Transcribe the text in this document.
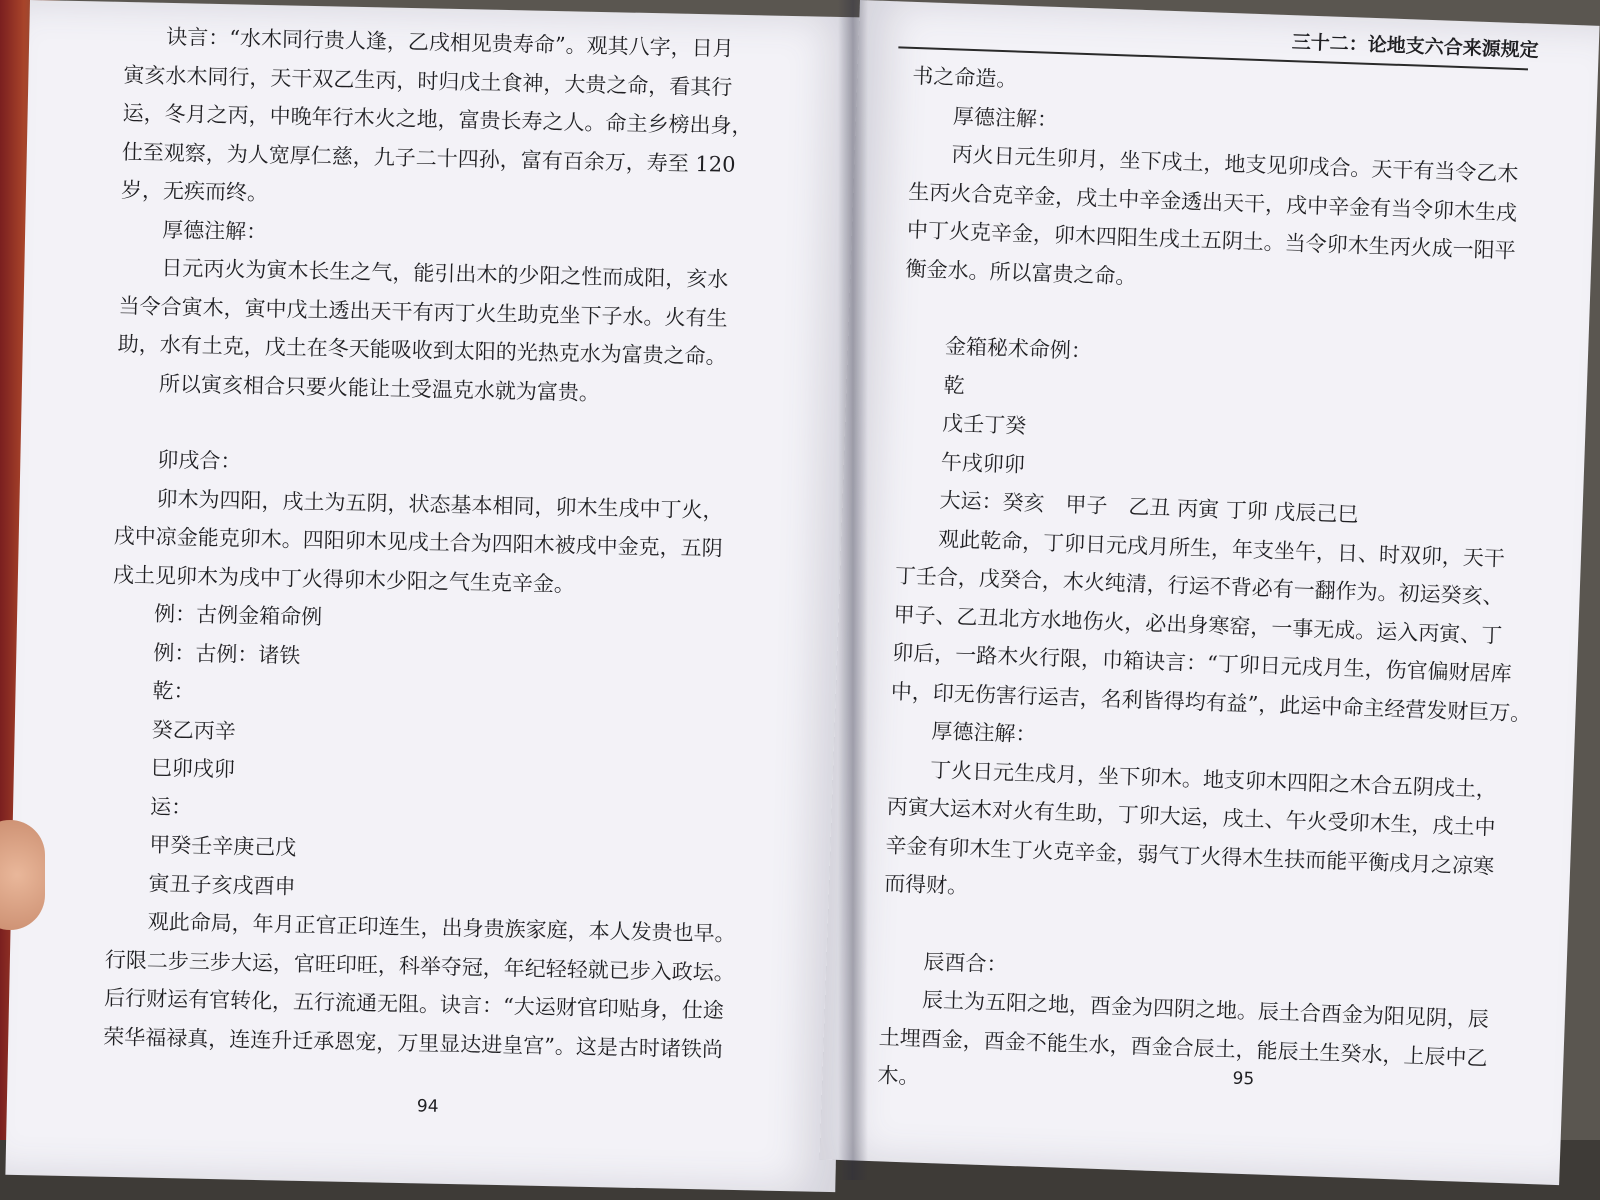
诀言：“水木同行贵人逢，乙戌相见贵寿命”。观其八字，日月

寅亥水木同行，天干双乙生丙，时归戊土食神，大贵之命，看其行

运，冬月之丙，中晚年行木火之地，富贵长寿之人。命主乡榜出身，

仕至观察，为人宽厚仁慈，九子二十四孙，富有百余万，寿至 120

岁，无疾而终。

厚德注解：

日元丙火为寅木长生之气，能引出木的少阳之性而成阳，亥水

当令合寅木，寅中戊土透出天干有丙丁火生助克坐下子水。火有生

助，水有土克，戊土在冬天能吸收到太阳的光热克水为富贵之命。

所以寅亥相合只要火能让土受温克水就为富贵。

卯戌合：

卯木为四阳，戌土为五阴，状态基本相同，卯木生戌中丁火，

戌中凉金能克卯木。四阳卯木见戌土合为四阳木被戌中金克，五阴

戌土见卯木为戌中丁火得卯木少阳之气生克辛金。

例：古例金箱命例

例：古例：诸铁

乾：

癸乙丙辛

巳卯戌卯

运：

甲癸壬辛庚己戊

寅丑子亥戌酉申

观此命局，年月正官正印连生，出身贵族家庭，本人发贵也早。

行限二步三步大运，官旺印旺，科举夺冠，年纪轻轻就已步入政坛。

后行财运有官转化，五行流通无阻。诀言：“大运财官印贴身，仕途

荣华福禄真，连连升迁承恩宠，万里显达进皇宫”。这是古时诸铁尚

94
三十二：论地支六合来源规定

书之命造。

厚德注解：

丙火日元生卯月，坐下戌土，地支见卯戌合。天干有当令乙木

生丙火合克辛金，戌土中辛金透出天干，戌中辛金有当令卯木生戌

中丁火克辛金，卯木四阳生戌土五阴土。当令卯木生丙火成一阳平

衡金水。所以富贵之命。

金箱秘术命例：

乾

戊壬丁癸

午戌卯卯

大运：癸亥　甲子　乙丑 丙寅 丁卯 戊辰己巳

观此乾命，丁卯日元戌月所生，年支坐午，日、时双卯，天干

丁壬合，戊癸合，木火纯清，行运不背必有一翻作为。初运癸亥、

甲子、乙丑北方水地伤火，必出身寒窑，一事无成。运入丙寅、丁

卯后，一路木火行限，巾箱诀言：“丁卯日元戌月生，伤官偏财居库

中，印无伤害行运吉，名利皆得均有益”，此运中命主经营发财巨万。

厚德注解：

丁火日元生戌月，坐下卯木。地支卯木四阳之木合五阴戌土，

丙寅大运木对火有生助，丁卯大运，戌土、午火受卯木生，戌土中

辛金有卯木生丁火克辛金，弱气丁火得木生扶而能平衡戌月之凉寒

而得财。

辰酉合：

辰土为五阳之地，酉金为四阴之地。辰土合酉金为阳见阴，辰

土埋酉金，酉金不能生水，酉金合辰土，能辰土生癸水，上辰中乙

木。	95
